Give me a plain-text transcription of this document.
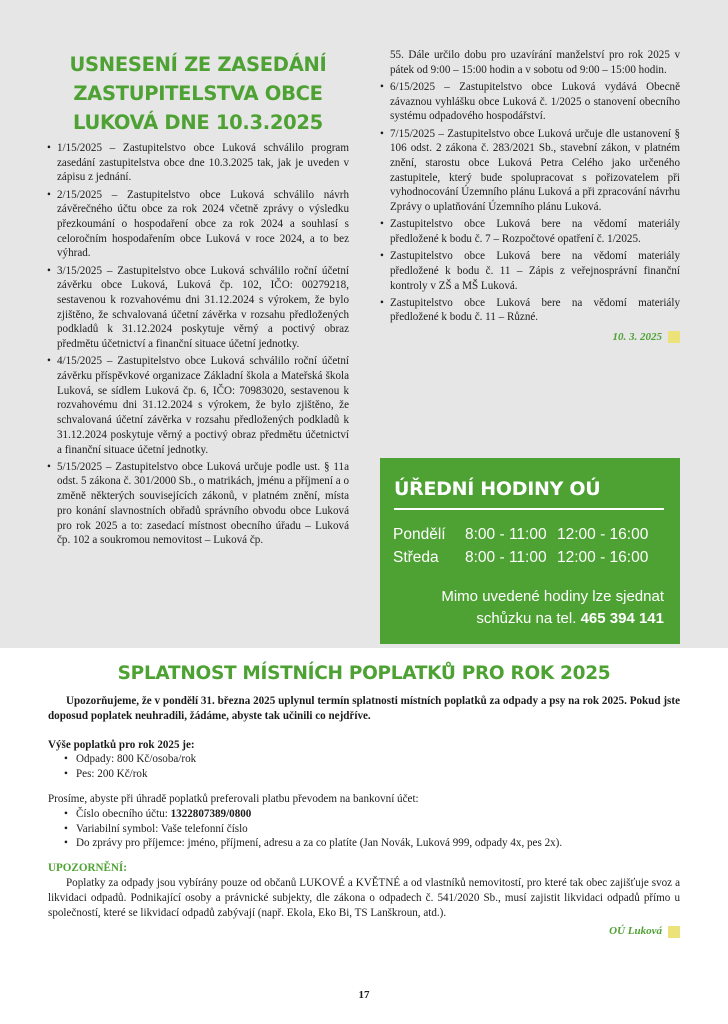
USNESENÍ ZE ZASEDÁNÍ ZASTUPITELSTVA OBCE LUKOVÁ DNE 10.3.2025
• 1/15/2025 – Zastupitelstvo obce Luková schválilo program zasedání zastupitelstva obce dne 10.3.2025 tak, jak je uveden v zápisu z jednání.
• 2/15/2025 – Zastupitelstvo obce Luková schválilo návrh závěrečného účtu obce za rok 2024 včetně zprávy o výsledku přezkoumání o hospodaření obce za rok 2024 a souhlasí s celoročním hospodařením obce Luková v roce 2024, a to bez výhrad.
• 3/15/2025 – Zastupitelstvo obce Luková schválilo roční účetní závěrku obce Luková, Luková čp. 102, IČO: 00279218, sestavenou k rozvahovému dni 31.12.2024 s výrokem, že bylo zjištěno, že schvalovaná účetní závěrka v rozsahu předložených podkladů k 31.12.2024 poskytuje věrný a poctivý obraz předmětu účetnictví a finanční situace účetní jednotky.
• 4/15/2025 – Zastupitelstvo obce Luková schválilo roční účetní závěrku příspěvkové organizace Základní škola a Mateřská škola Luková, se sídlem Luková čp. 6, IČO: 70983020, sestavenou k rozvahovému dni 31.12.2024 s výrokem, že bylo zjištěno, že schvalovaná účetní závěrka v rozsahu předložených podkladů k 31.12.2024 poskytuje věrný a poctivý obraz předmětu účetnictví a finanční situace účetní jednotky.
• 5/15/2025 – Zastupitelstvo obce Luková určuje podle ust. § 11a odst. 5 zákona č. 301/2000 Sb., o matrikách, jménu a příjmení a o změně některých souvisejících zákonů, v platném znění, místa pro konání slavnostních obřadů správního obvodu obce Luková pro rok 2025 a to: zasedací místnost obecního úřadu – Luková čp. 102 a soukromou nemovitost – Luková čp.
55. Dále určilo dobu pro uzavírání manželství pro rok 2025 v pátek od 9:00 – 15:00 hodin a v sobotu od 9:00 – 15:00 hodin.
• 6/15/2025 – Zastupitelstvo obce Luková vydává Obecně závaznou vyhlášku obce Luková č. 1/2025 o stanovení obecního systému odpadového hospodářství.
• 7/15/2025 – Zastupitelstvo obce Luková určuje dle ustanovení § 106 odst. 2 zákona č. 283/2021 Sb., stavební zákon, v platném znění, starostu obce Luková Petra Celého jako určeného zastupitele, který bude spolupracovat s pořizovatelem při vyhodnocování Územního plánu Luková a při zpracování návrhu Zprávy o uplatňování Územního plánu Luková.
• Zastupitelstvo obce Luková bere na vědomí materiály předložené k bodu č. 7 – Rozpočtové opatření č. 1/2025.
• Zastupitelstvo obce Luková bere na vědomí materiály předložené k bodu č. 11 – Zápis z veřejnosprávní finanční kontroly v ZŠ a MŠ Luková.
• Zastupitelstvo obce Luková bere na vědomí materiály předložené k bodu č. 11 – Různé.
10. 3. 2025
ÚŘEDNÍ HODINY OÚ
Pondělí 8:00 - 11:00 12:00 - 16:00
Středa 8:00 - 11:00 12:00 - 16:00
Mimo uvedené hodiny lze sjednat
schůzku na tel. 465 394 141
SPLATNOST MÍSTNÍCH POPLATKŮ PRO ROK 2025

Upozorňujeme, že v pondělí 31. března 2025 uplynul termín splatnosti místních poplatků za odpady a psy na rok 2025. Pokud jste doposud poplatek neuhradili, žádáme, abyste tak učinili co nejdříve.

Výše poplatků pro rok 2025 je:

• Odpady: 800 Kč/osoba/rok
• Pes: 200 Kč/rok

Prosíme, abyste při úhradě poplatků preferovali platbu převodem na bankovní účet:

• Číslo obecního účtu: 1322807389/0800
• Variabilní symbol: Vaše telefonní číslo
• Do zprávy pro příjemce: jméno, příjmení, adresu a za co platíte (Jan Novák, Luková 999, odpady 4x, pes 2x).

UPOZORNĚNÍ:

Poplatky za odpady jsou vybírány pouze od občanů LUKOVÉ a KVĚTNÉ a od vlastníků nemovitostí, pro které tak obec zajišťuje svoz a likvidaci odpadů. Podnikající osoby a právnické subjekty, dle zákona o odpadech č. 541/2020 Sb., musí zajistit likvidaci odpadů přímo u společností, které se likvidací odpadů zabývají (např. Ekola, Eko Bi, TS Lanškroun, atd.).

OÚ Luková
17
